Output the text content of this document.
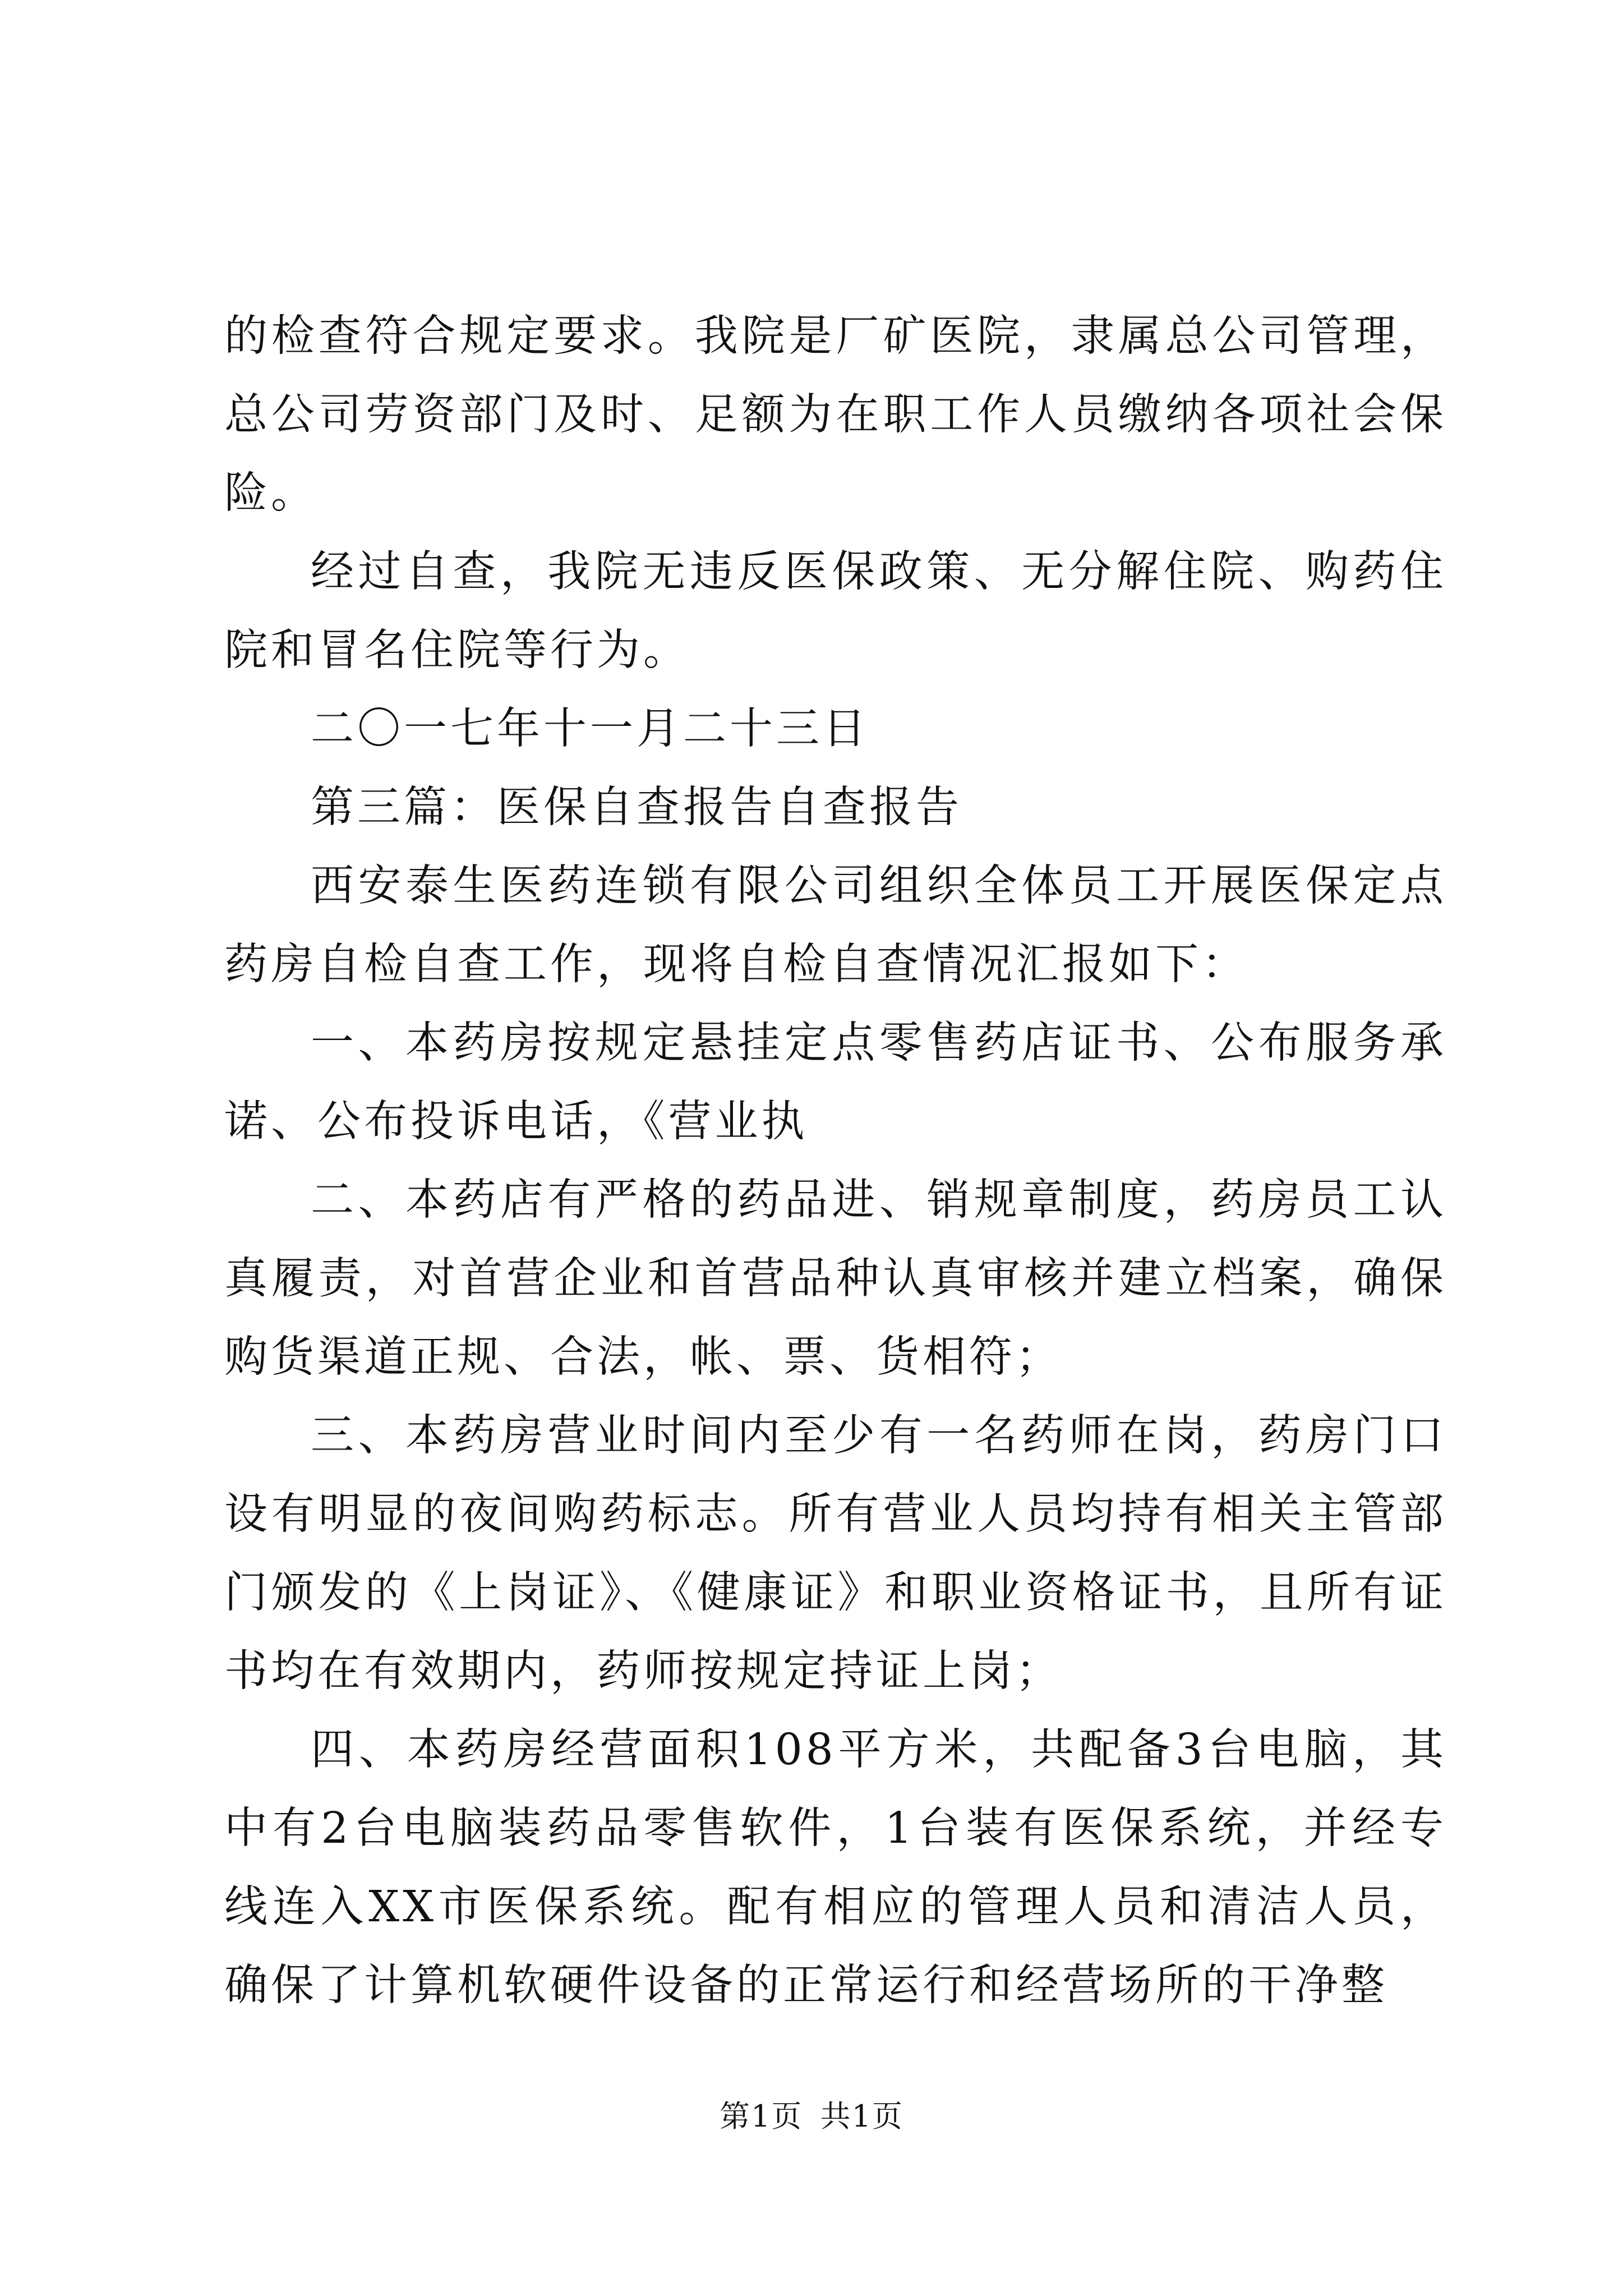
的检查符合规定要求。我院是厂矿医院，隶属总公司管理，总公司劳资部门及时、足额为在职工作人员缴纳各项社会保险。

经过自查，我院无违反医保政策、无分解住院、购药住院和冒名住院等行为。

二〇一七年十一月二十三日

第三篇：医保自查报告自查报告

西安泰生医药连锁有限公司组织全体员工开展医保定点药房自检自查工作，现将自检自查情况汇报如下：

一、本药房按规定悬挂定点零售药店证书、公布服务承诺、公布投诉电话，《营业执

二、本药店有严格的药品进、销规章制度，药房员工认真履责，对首营企业和首营品种认真审核并建立档案，确保购货渠道正规、合法，帐、票、货相符；

三、本药房营业时间内至少有一名药师在岗，药房门口设有明显的夜间购药标志。所有营业人员均持有相关主管部门颁发的《上岗证》、《健康证》和职业资格证书，且所有证书均在有效期内，药师按规定持证上岗；

四、本药房经营面积108平方米，共配备3台电脑，其中有2台电脑装药品零售软件，1台装有医保系统，并经专线连入XX市医保系统。配有相应的管理人员和清洁人员，确保了计算机软硬件设备的正常运行和经营场所的干净整

第1页 共1页
